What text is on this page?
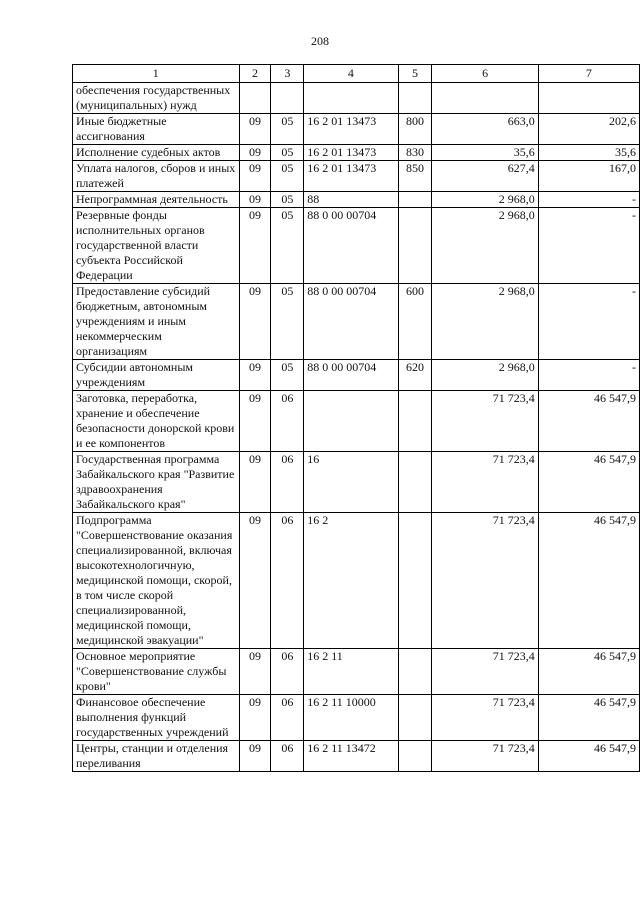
208
1	2	3	4	5	6	7
обеспечения государственных (муниципальных) нужд						
Иные бюджетные ассигнования	09	05	16 2 01 13473	800	663,0	202,6
Исполнение судебных актов	09	05	16 2 01 13473	830	35,6	35,6
Уплата налогов, сборов и иных платежей	09	05	16 2 01 13473	850	627,4	167,0
Непрограммная деятельность	09	05	88		2 968,0	-
Резервные фонды исполнительных органов государственной власти субъекта Российской Федерации	09	05	88 0 00 00704		2 968,0	-
Предоставление субсидий бюджетным, автономным учреждениям и иным некоммерческим организациям	09	05	88 0 00 00704	600	2 968,0	-
Субсидии автономным учреждениям	09	05	88 0 00 00704	620	2 968,0	-
Заготовка, переработка, хранение и обеспечение безопасности донорской крови и ее компонентов	09	06			71 723,4	46 547,9
Государственная программа Забайкальского края "Развитие здравоохранения Забайкальского края"	09	06	16		71 723,4	46 547,9
Подпрограмма "Совершенствование оказания специализированной, включая высокотехнологичную, медицинской помощи, скорой, в том числе скорой специализированной, медицинской помощи, медицинской эвакуации"	09	06	16 2		71 723,4	46 547,9
Основное мероприятие "Совершенствование службы крови"	09	06	16 2 11		71 723,4	46 547,9
Финансовое обеспечение выполнения функций государственных учреждений	09	06	16 2 11 10000		71 723,4	46 547,9
Центры, станции и отделения переливания	09	06	16 2 11 13472		71 723,4	46 547,9
